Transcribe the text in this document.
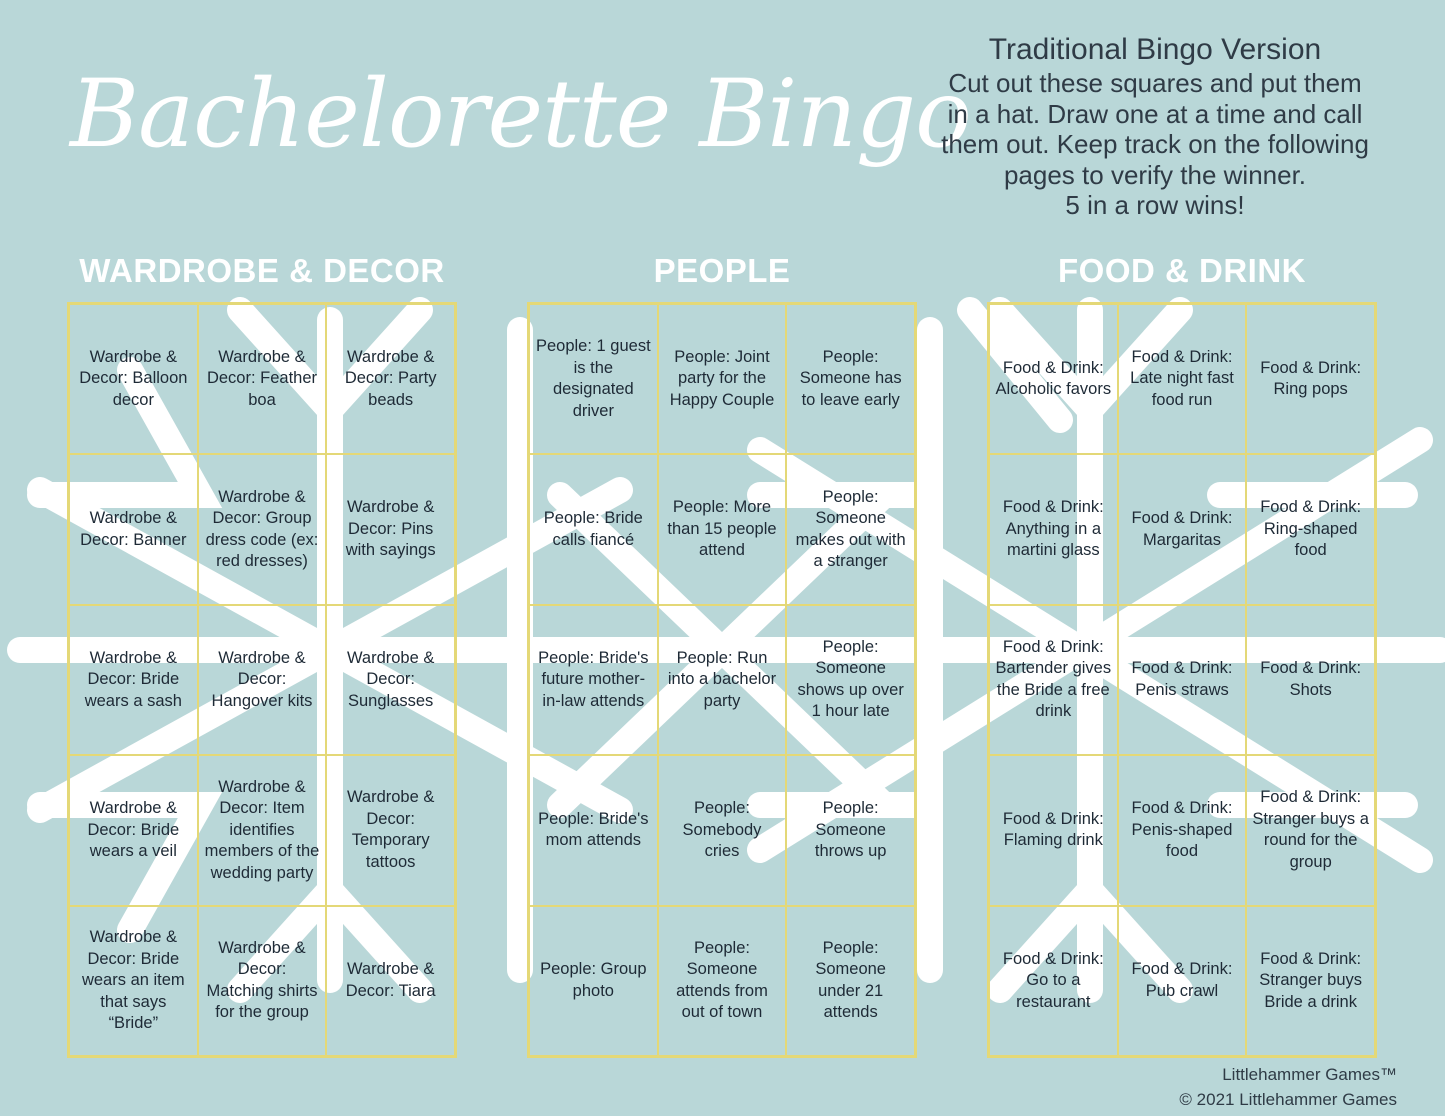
Bachelorette Bingo
Traditional Bingo Version
Cut out these squares and put them
in a hat. Draw one at a time and call
them out. Keep track on the following
pages to verify the winner.
5 in a row wins!
WARDROBE & DECOR	PEOPLE	FOOD & DRINK
Wardrobe & Decor: Balloon decor
Wardrobe & Decor: Feather boa
Wardrobe & Decor: Party beads
Wardrobe & Decor: Banner
Wardrobe & Decor: Group dress code (ex: red dresses)
Wardrobe & Decor: Pins with sayings
Wardrobe & Decor: Bride wears a sash
Wardrobe & Decor: Hangover kits
Wardrobe & Decor: Sunglasses
Wardrobe & Decor: Bride wears a veil
Wardrobe & Decor: Item identifies members of the wedding party
Wardrobe & Decor: Temporary tattoos
Wardrobe & Decor: Bride wears an item that says “Bride”
Wardrobe & Decor: Matching shirts for the group
Wardrobe & Decor: Tiara
People: 1 guest is the designated driver
People: Joint party for the Happy Couple
People: Someone has to leave early
People: Bride calls fiancé
People: More than 15 people attend
People: Someone makes out with a stranger
People: Bride's future mother-in-law attends
People: Run into a bachelor party
People: Someone shows up over 1 hour late
People: Bride's mom attends
People: Somebody cries
People: Someone throws up
People: Group photo
People: Someone attends from out of town
People: Someone under 21 attends
Food & Drink: Alcoholic favors
Food & Drink: Late night fast food run
Food & Drink: Ring pops
Food & Drink: Anything in a martini glass
Food & Drink: Margaritas
Food & Drink: Ring-shaped food
Food & Drink: Bartender gives the Bride a free drink
Food & Drink: Penis straws
Food & Drink: Shots
Food & Drink: Flaming drink
Food & Drink: Penis-shaped food
Food & Drink: Stranger buys a round for the group
Food & Drink: Go to a restaurant
Food & Drink: Pub crawl
Food & Drink: Stranger buys Bride a drink
Littlehammer Games™
© 2021 Littlehammer Games
